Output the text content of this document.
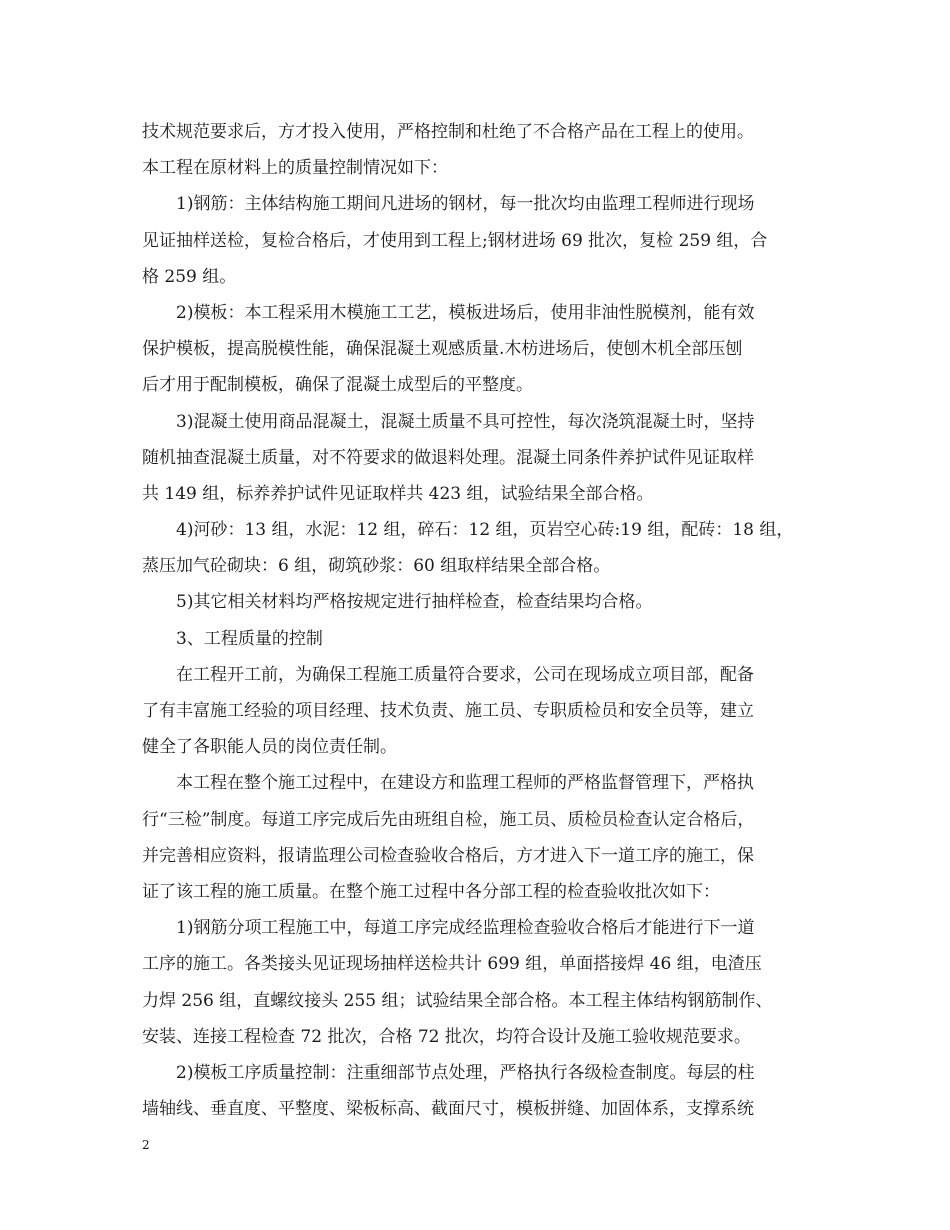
技术规范要求后，方才投入使用，严格控制和杜绝了不合格产品在工程上的使用。
本工程在原材料上的质量控制情况如下：
　　1)钢筋：主体结构施工期间凡进场的钢材，每一批次均由监理工程师进行现场
见证抽样送检，复检合格后，才使用到工程上;钢材进场 69 批次，复检 259 组，合
格 259 组。
　　2)模板：本工程采用木模施工工艺，模板进场后，使用非油性脱模剂，能有效
保护模板，提高脱模性能，确保混凝土观感质量.木枋进场后，使刨木机全部压刨
后才用于配制模板，确保了混凝土成型后的平整度。
　　3)混凝土使用商品混凝土，混凝土质量不具可控性，每次浇筑混凝土时，坚持
随机抽查混凝土质量，对不符要求的做退料处理。混凝土同条件养护试件见证取样
共 149 组，标养养护试件见证取样共 423 组，试验结果全部合格。
　　4)河砂：13 组，水泥：12 组，碎石：12 组，页岩空心砖:19 组，配砖：18 组，
蒸压加气砼砌块：6 组，砌筑砂浆：60 组取样结果全部合格。
　　5)其它相关材料均严格按规定进行抽样检查，检查结果均合格。
　　3、工程质量的控制
　　在工程开工前，为确保工程施工质量符合要求，公司在现场成立项目部，配备
了有丰富施工经验的项目经理、技术负责、施工员、专职质检员和安全员等，建立
健全了各职能人员的岗位责任制。
　　本工程在整个施工过程中，在建设方和监理工程师的严格监督管理下，严格执
行“三检”制度。每道工序完成后先由班组自检，施工员、质检员检查认定合格后，
并完善相应资料，报请监理公司检查验收合格后，方才进入下一道工序的施工，保
证了该工程的施工质量。在整个施工过程中各分部工程的检查验收批次如下：
　　1)钢筋分项工程施工中，每道工序完成经监理检查验收合格后才能进行下一道
工序的施工。各类接头见证现场抽样送检共计 699 组，单面搭接焊 46 组，电渣压
力焊 256 组，直螺纹接头 255 组；试验结果全部合格。本工程主体结构钢筋制作、
安装、连接工程检查 72 批次，合格 72 批次，均符合设计及施工验收规范要求。
　　2)模板工序质量控制：注重细部节点处理，严格执行各级检查制度。每层的柱
墙轴线、垂直度、平整度、梁板标高、截面尺寸，模板拼缝、加固体系，支撑系统
2
